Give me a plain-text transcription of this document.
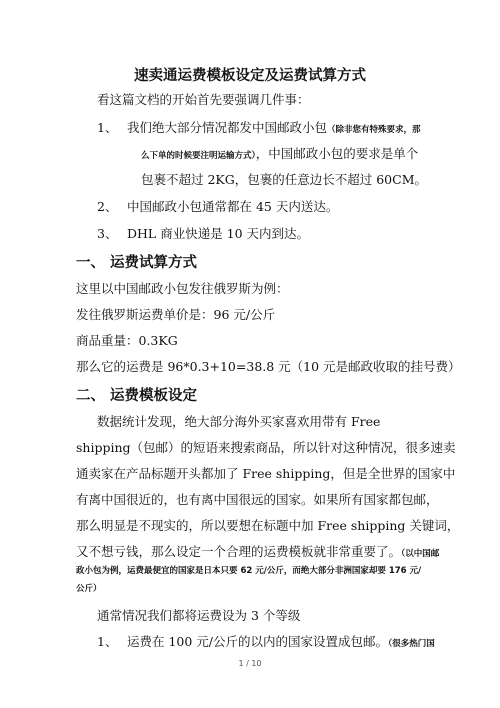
速卖通运费模板设定及运费试算方式
看这篇文档的开始首先要强调几件事：
1、 我们绝大部分情况都发中国邮政小包（除非您有特殊要求，那
么下单的时候要注明运输方式），中国邮政小包的要求是单个
包裹不超过 2KG，包裹的任意边长不超过 60CM。
2、 中国邮政小包通常都在 45 天内送达。
3、 DHL 商业快递是 10 天内到达。
一、 运费试算方式
这里以中国邮政小包发往俄罗斯为例：
发往俄罗斯运费单价是：96 元/公斤
商品重量：0.3KG
那么它的运费是 96*0.3+10=38.8 元（10 元是邮政收取的挂号费）
二、 运费模板设定
数据统计发现，绝大部分海外买家喜欢用带有 Free
shipping（包邮）的短语来搜索商品，所以针对这种情况，很多速卖
通卖家在产品标题开头都加了 Free shipping，但是全世界的国家中
有离中国很近的，也有离中国很远的国家。如果所有国家都包邮，
那么明显是不现实的，所以要想在标题中加 Free shipping 关键词，
又不想亏钱，那么设定一个合理的运费模板就非常重要了。（以中国邮
政小包为例，运费最便宜的国家是日本只要 62 元/公斤，而绝大部分非洲国家却要 176 元/
公斤）
通常情况我们都将运费设为 3 个等级
1、 运费在 100 元/公斤的以内的国家设置成包邮。（很多热门国
1 / 10
